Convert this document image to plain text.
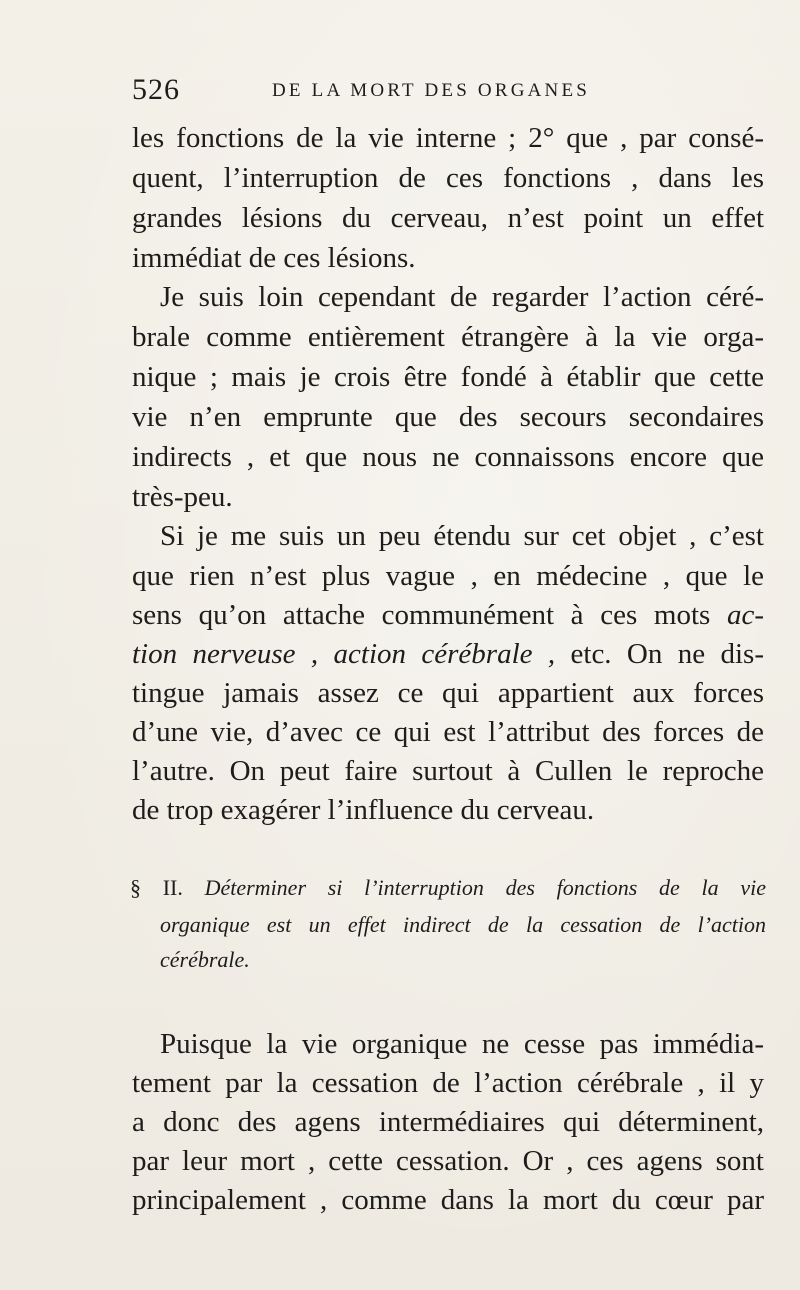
526	DE LA MORT DES ORGANES
les fonctions de la vie interne ; 2° que , par consé-
quent, l’interruption de ces fonctions , dans les
grandes lésions du cerveau, n’est point un effet
immédiat de ces lésions.
Je suis loin cependant de regarder l’action céré-
brale comme entièrement étrangère à la vie orga-
nique ; mais je crois être fondé à établir que cette
vie n’en emprunte que des secours secondaires
indirects , et que nous ne connaissons encore que
très-peu.
Si je me suis un peu étendu sur cet objet , c’est
que rien n’est plus vague , en médecine , que le
sens qu’on attache communément à ces mots ac-
tion nerveuse , action cérébrale , etc. On ne dis-
tingue jamais assez ce qui appartient aux forces
d’une vie, d’avec ce qui est l’attribut des forces de
l’autre. On peut faire surtout à Cullen le reproche
de trop exagérer l’influence du cerveau.
§ II. Déterminer si l’interruption des fonctions de la vie
organique est un effet indirect de la cessation de l’action
cérébrale.
Puisque la vie organique ne cesse pas immédia-
tement par la cessation de l’action cérébrale , il y
a donc des agens intermédiaires qui déterminent,
par leur mort , cette cessation. Or , ces agens sont
principalement , comme dans la mort du cœur par
